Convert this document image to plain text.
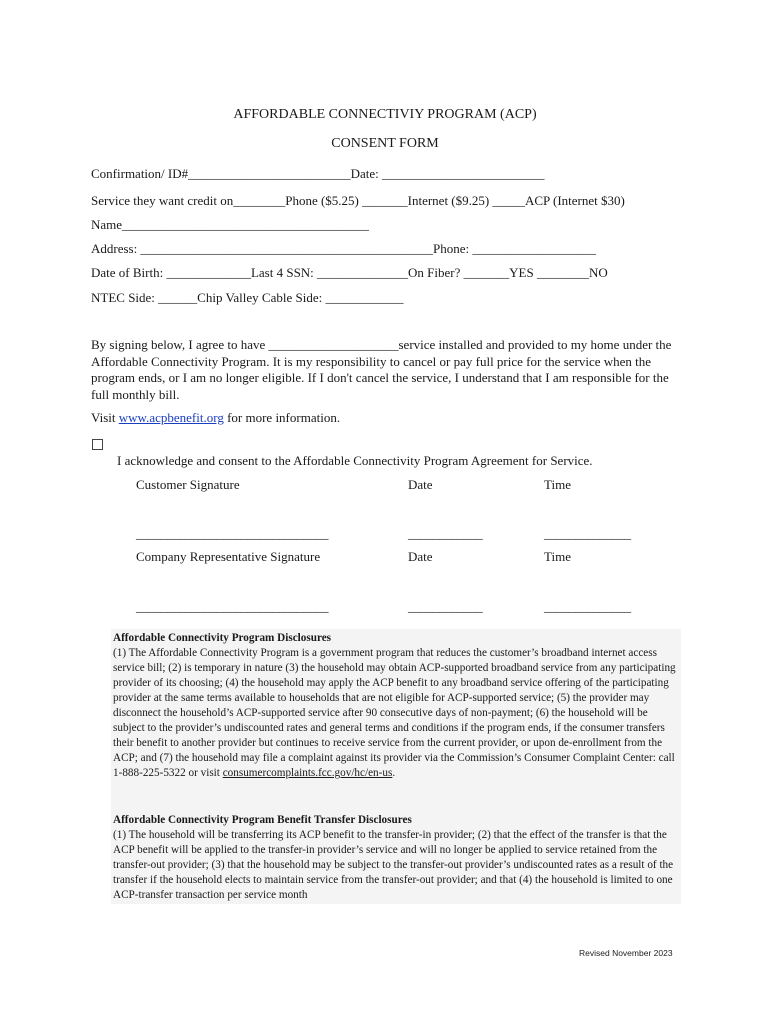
AFFORDABLE CONNECTIVIY PROGRAM (ACP)
CONSENT FORM
Confirmation/ ID#_________________________Date: _________________________
Service they want credit on________Phone ($5.25) _______Internet ($9.25) _____ACP (Internet $30)
Name______________________________________
Address: _____________________________________________Phone: ___________________
Date of Birth: _____________Last 4 SSN: ______________On Fiber? _______YES ________NO
NTEC Side: ______Chip Valley Cable Side: ____________
By signing below, I agree to have ____________________service installed and provided to my home under the Affordable Connectivity Program. It is my responsibility to cancel or pay full price for the service when the program ends, or I am no longer eligible. If I don't cancel the service, I understand that I am responsible for the full monthly bill.
Visit www.acpbenefit.org for more information.
I acknowledge and consent to the Affordable Connectivity Program Agreement for Service.
Customer Signature	Date	Time
_______________________________	____________	______________
Company Representative Signature	Date	Time
_______________________________	____________	______________
Affordable Connectivity Program Disclosures
(1) The Affordable Connectivity Program is a government program that reduces the customer’s broadband internet access service bill; (2) is temporary in nature (3) the household may obtain ACP-supported broadband service from any participating provider of its choosing; (4) the household may apply the ACP benefit to any broadband service offering of the participating provider at the same terms available to households that are not eligible for ACP-supported service; (5) the provider may disconnect the household’s ACP-supported service after 90 consecutive days of non-payment; (6) the household will be subject to the provider’s undiscounted rates and general terms and conditions if the program ends, if the consumer transfers their benefit to another provider but continues to receive service from the current provider, or upon de-enrollment from the ACP; and (7) the household may file a complaint against its provider via the Commission’s Consumer Complaint Center: call 1-888-225-5322 or visit consumercomplaints.fcc.gov/hc/en-us.
Affordable Connectivity Program Benefit Transfer Disclosures
(1) The household will be transferring its ACP benefit to the transfer-in provider; (2) that the effect of the transfer is that the ACP benefit will be applied to the transfer-in provider’s service and will no longer be applied to service retained from the transfer-out provider; (3) that the household may be subject to the transfer-out provider’s undiscounted rates as a result of the transfer if the household elects to maintain service from the transfer-out provider; and that (4) the household is limited to one ACP-transfer transaction per service month
Revised November 2023
